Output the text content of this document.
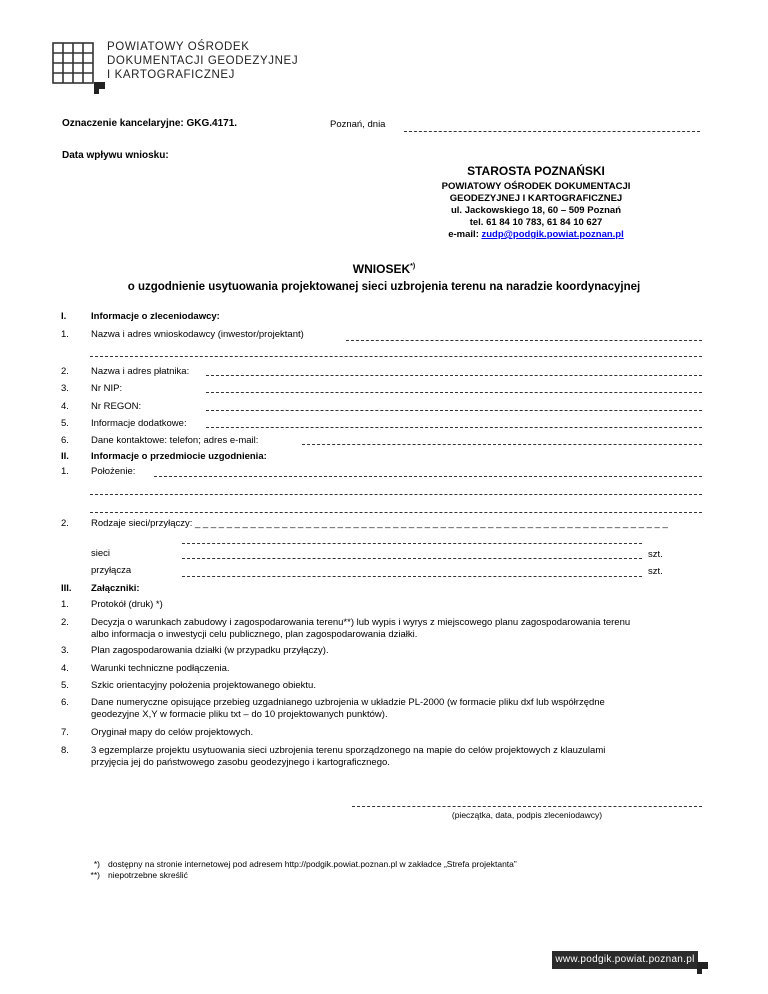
POWIATOWY OŚRODEK
DOKUMENTACJI GEODEZYJNEJ
I KARTOGRAFICZNEJ
Oznaczenie kancelaryjne: GKG.4171.	Poznań, dnia
Data wpływu wniosku:
STAROSTA POZNAŃSKI
POWIATOWY OŚRODEK DOKUMENTACJI
GEODEZYJNEJ I KARTOGRAFICZNEJ
ul. Jackowskiego 18, 60 – 509 Poznań
tel. 61 84 10 783, 61 84 10 627
e-mail: zudp@podgik.powiat.poznan.pl
WNIOSEK*)
o uzgodnienie usytuowania projektowanej sieci uzbrojenia terenu na naradzie koordynacyjnej
I.	Informacje o zleceniodawcy:
1. Nazwa i adres wnioskodawcy (inwestor/projektant)
2. Nazwa i adres płatnika:
3. Nr NIP:
4. Nr REGON:
5. Informacje dodatkowe:
6. Dane kontaktowe: telefon; adres e-mail:
II. Informacje o przedmiocie uzgodnienia:
1. Położenie:
2. Rodzaje sieci/przyłączy: _ _ _ _ _ _ _ _ _ _ _ _ _ _ _ _ _ _ _ _ _ _ _ _ _ _ _ _ _ _ _ _ _ _ _ _ _ _ _ _ _ _ _ _ _ _ _ _ _ _ _ _ _ _ _ _ _ _ _ _
sieci	szt.
przyłącza	szt.
III. Załączniki:
1. Protokół (druk) *)
2. Decyzja o warunkach zabudowy i zagospodarowania terenu**) lub wypis i wyrys z miejscowego planu zagospodarowania terenu
albo informacja o inwestycji celu publicznego, plan zagospodarowania działki.
3. Plan zagospodarowania działki (w przypadku przyłączy).
4. Warunki techniczne podłączenia.
5. Szkic orientacyjny położenia projektowanego obiektu.
6. Dane numeryczne opisujące przebieg uzgadnianego uzbrojenia w układzie PL-2000 (w formacie pliku dxf lub współrzędne
geodezyjne X,Y w formacie pliku txt – do 10 projektowanych punktów).
7. Oryginał mapy do celów projektowych.
8. 3 egzemplarze projektu usytuowania sieci uzbrojenia terenu sporządzonego na mapie do celów projektowych z klauzulami
przyjęcia jej do państwowego zasobu geodezyjnego i kartograficznego.
(pieczątka, data, podpis zleceniodawcy)
*) dostępny na stronie internetowej pod adresem http://podgik.powiat.poznan.pl w zakładce „Strefa projektanta”
**) niepotrzebne skreślić
www.podgik.powiat.poznan.pl
